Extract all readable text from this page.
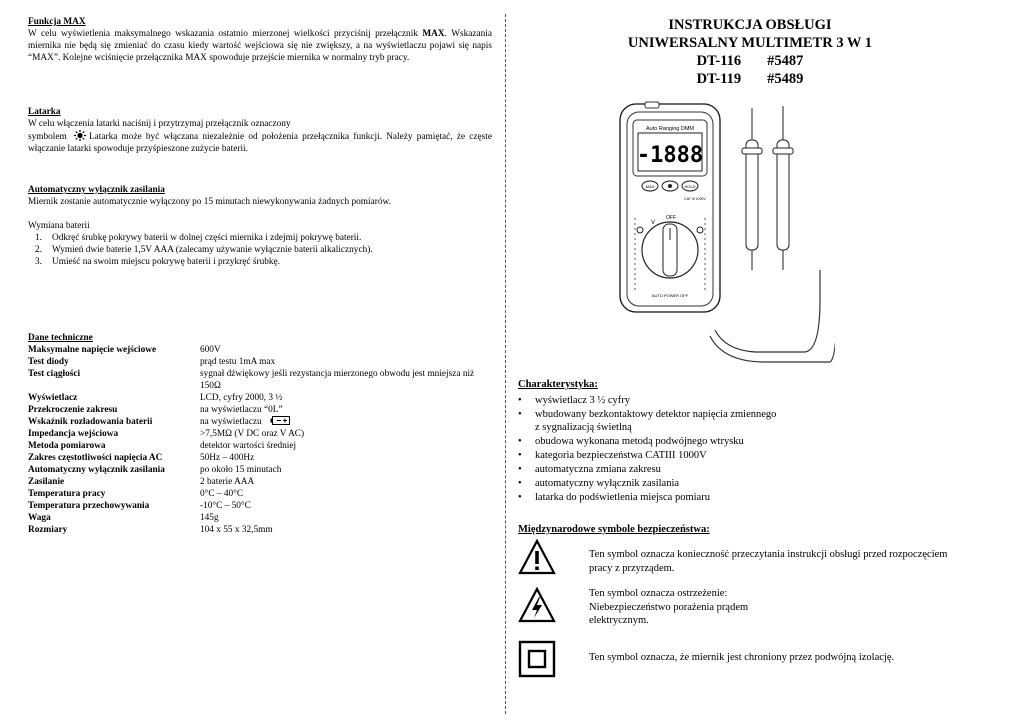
Funkcja MAX

W celu wyświetlenia maksymalnego wskazania ostatnio mierzonej wielkości przyciśnij przełącznik MAX. Wskazania miernika nie będą się zmieniać do czasu kiedy wartość wejściowa się nie zwiększy, a na wyświetlaczu pojawi się napis “MAX”. Kolejne wciśnięcie przełącznika MAX spowoduje przejście miernika w normalny tryb pracy.

Latarka

W celu włączenia latarki naciśnij i przytrzymaj przełącznik oznaczony

symbolem Latarka może być włączana niezależnie od położenia przełącznika funkcji. Należy pamiętać, że częste włączanie latarki spowoduje przyśpieszone zużycie baterii.

Automatyczny wyłącznik zasilania

Miernik zostanie automatycznie wyłączony po 15 minutach niewykonywania żadnych pomiarów.

Wymiana baterii

1. Odkręć śrubkę pokrywy baterii w dolnej części miernika i zdejmij pokrywę baterii.
2. Wymień dwie baterie 1,5V AAA (zalecamy używanie wyłącznie baterii alkalicznych).
3. Umieść na swoim miejscu pokrywę baterii i przykręć śrubkę.

Dane techniczne

Maksymalne napięcie wejściowe	600V
Test diody	prąd testu 1mA max
Test ciągłości	sygnał dźwiękowy jeśli rezystancja mierzonego obwodu jest mniejsza niż 150Ω
Wyświetlacz	LCD, cyfry 2000, 3 ½
Przekroczenie zakresu	na wyświetlaczu “0L”
Wskaźnik rozładowania baterii	na wyświetlaczu
Impedancja wejściowa	>7,5MΩ (V DC oraz V AC)
Metoda pomiarowa	detektor wartości średniej
Zakres częstotliwości napięcia AC	50Hz – 400Hz
Automatyczny wyłącznik zasilania	po około 15 minutach
Zasilanie	2 baterie AAA
Temperatura pracy	0°C – 40°C
Temperatura przechowywania	-10°C – 50°C
Waga	145g
Rozmiary	104 x 55 x 32,5mm
INSTRUKCJA OBSŁUGI
UNIWERSALNY MULTIMETR 3 W 1
DT-116 #5487
DT-119 #5489
Auto Ranging DMM
-1888
MAX	HOLD
CAT III 1000V
V
OFF
AUTO POWER OFF
Charakterystyka:
•	wyświetlacz 3 ½ cyfry
•	wbudowany bezkontaktowy detektor napięcia zmiennego z sygnalizacją świetlną
•	obudowa wykonana metodą podwójnego wtrysku
•	kategoria bezpieczeństwa CATIII 1000V
•	automatyczna zmiana zakresu
•	automatyczny wyłącznik zasilania
•	latarka do podświetlenia miejsca pomiaru
Międzynarodowe symbole bezpieczeństwa:
Ten symbol oznacza konieczność przeczytania instrukcji obsługi przed rozpoczęciem pracy z przyrządem.
Ten symbol oznacza ostrzeżenie: Niebezpieczeństwo porażenia prądem elektrycznym.
Ten symbol oznacza, że miernik jest chroniony przez podwójną izolację.
